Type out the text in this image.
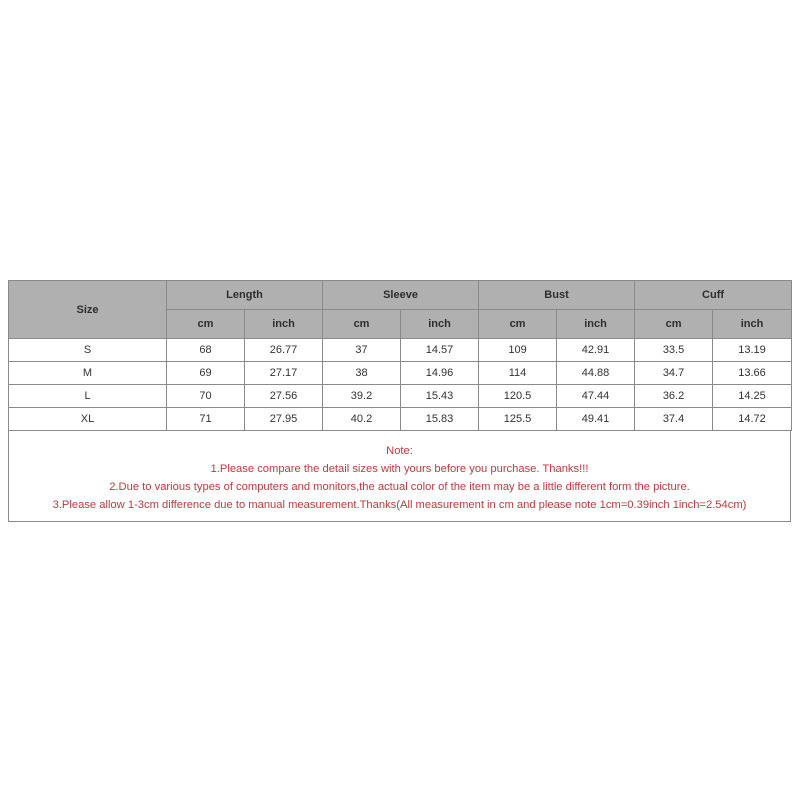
Size	Length		Sleeve		Bust		Cuff	
	cm	inch	cm	inch	cm	inch	cm	inch
S	68	26.77	37	14.57	109	42.91	33.5	13.19
M	69	27.17	38	14.96	114	44.88	34.7	13.66
L	70	27.56	39.2	15.43	120.5	47.44	36.2	14.25
XL	71	27.95	40.2	15.83	125.5	49.41	37.4	14.72
Note:
1.Please compare the detail sizes with yours before you purchase. Thanks!!!
2.Due to various types of computers and monitors,the actual color of the item may be a little different form the picture.
3.Please allow 1-3cm difference due to manual measurement.Thanks(All measurement in cm and please note 1cm=0.39inch 1inch=2.54cm)
